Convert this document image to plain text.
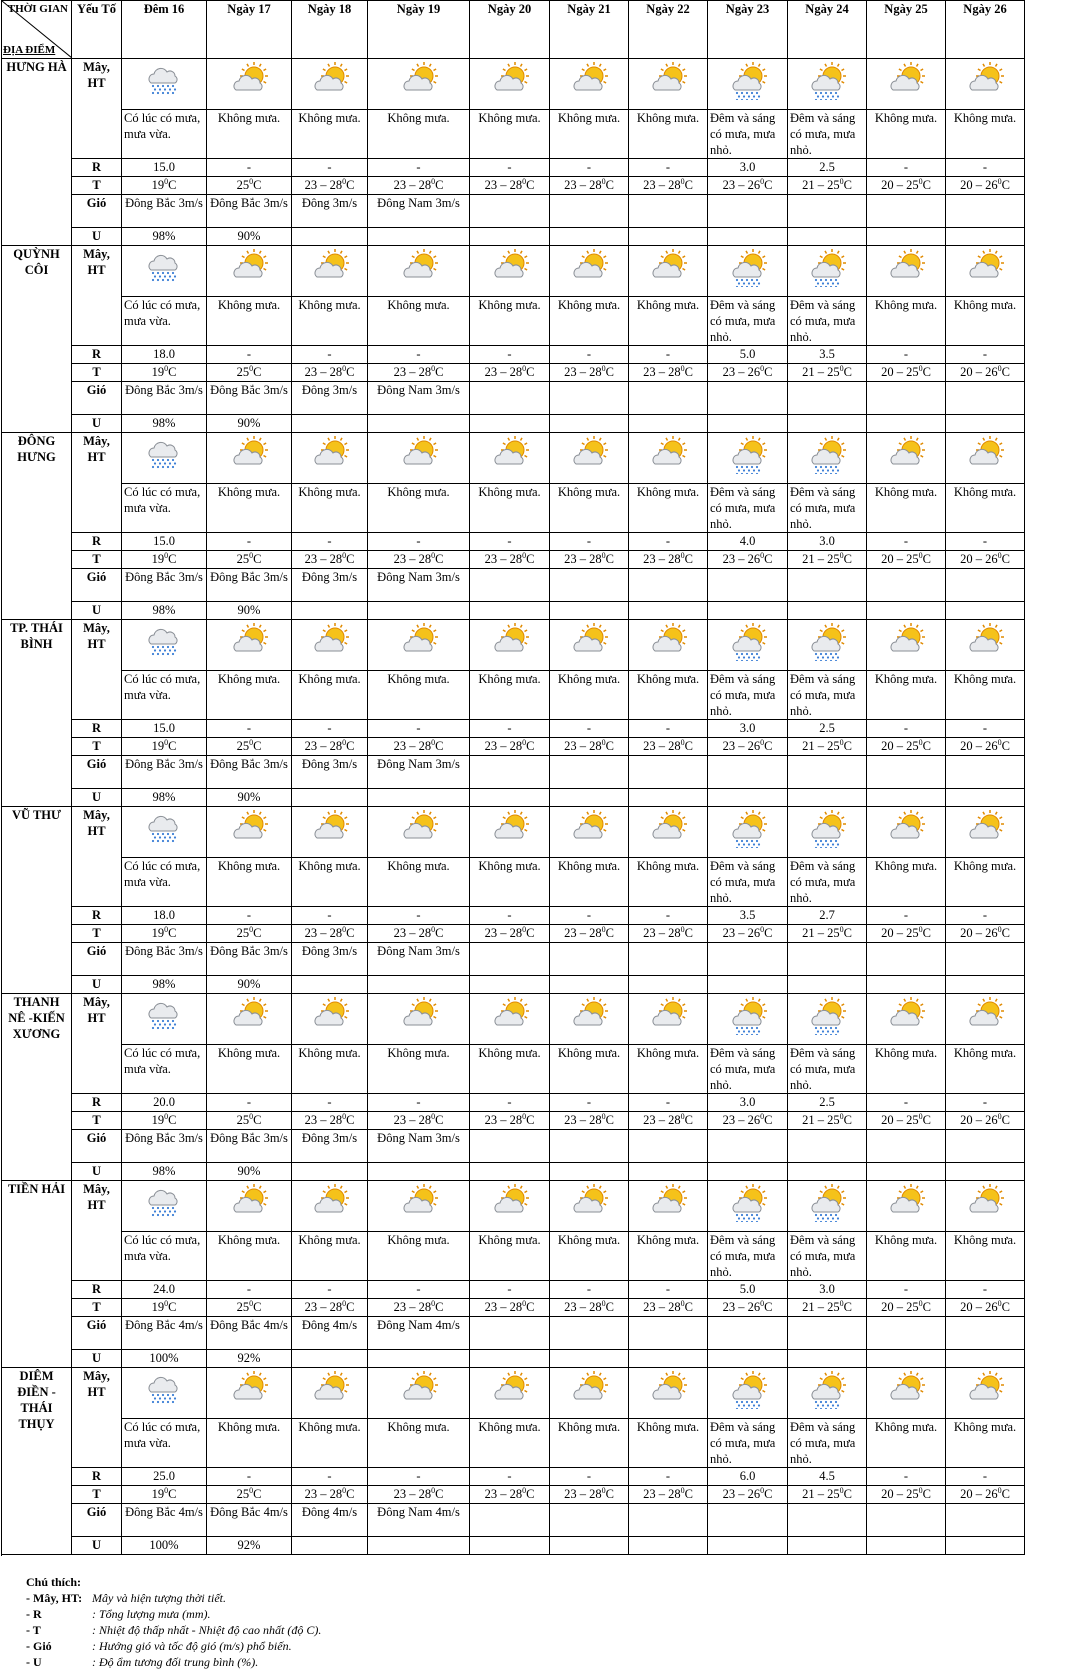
THỜI GIAN
ĐỊA ĐIỂM	Yếu Tố	Đêm 16	Ngày 17	Ngày 18	Ngày 19	Ngày 20	Ngày 21	Ngày 22	Ngày 23	Ngày 24	Ngày 25	Ngày 26
HƯNG HÀ	Mây, HT											
		Có lúc có mưa, mưa vừa.	Không mưa.	Không mưa.	Không mưa.	Không mưa.	Không mưa.	Không mưa.	Đêm và sáng có mưa, mưa nhỏ.	Đêm và sáng có mưa, mưa nhỏ.	Không mưa.	Không mưa.
	R	15.0	-	-	-	-	-	-	3.0	2.5	-	-
	T	$19^0C$	$25^0C$	$23 - 28^0C$	$23 - 28^0C$	$23 - 28^0C$	$23 - 28^0C$	$23 - 28^0C$	$23 - 26^0C$	$21 - 25^0C$	$20 - 25^0C$	$20 - 26^0C$
	Gió	Đông Bắc 3m/s	Đông Bắc 3m/s	Đông 3m/s	Đông Nam 3m/s							
	U	98%	90%									

QUỲNH CÔI	Mây, HT											
		Có lúc có mưa, mưa vừa.	Không mưa.	Không mưa.	Không mưa.	Không mưa.	Không mưa.	Không mưa.	Đêm và sáng có mưa, mưa nhỏ.	Đêm và sáng có mưa, mưa nhỏ.	Không mưa.	Không mưa.
	R	18.0	-	-	-	-	-	-	5.0	3.5	-	-
	T	$19^0C$	$25^0C$	$23 - 28^0C$	$23 - 28^0C$	$23 - 28^0C$	$23 - 28^0C$	$23 - 28^0C$	$23 - 26^0C$	$21 - 25^0C$	$20 - 25^0C$	$20 - 26^0C$
	Gió	Đông Bắc 3m/s	Đông Bắc 3m/s	Đông 3m/s	Đông Nam 3m/s							
	U	98%	90%									

ĐÔNG HƯNG	Mây, HT											
		Có lúc có mưa, mưa vừa.	Không mưa.	Không mưa.	Không mưa.	Không mưa.	Không mưa.	Không mưa.	Đêm và sáng có mưa, mưa nhỏ.	Đêm và sáng có mưa, mưa nhỏ.	Không mưa.	Không mưa.
	R	15.0	-	-	-	-	-	-	4.0	3.0	-	-
	T	$19^0C$	$25^0C$	$23 - 28^0C$	$23 - 28^0C$	$23 - 28^0C$	$23 - 28^0C$	$23 - 28^0C$	$23 - 26^0C$	$21 - 25^0C$	$20 - 25^0C$	$20 - 26^0C$
	Gió	Đông Bắc 3m/s	Đông Bắc 3m/s	Đông 3m/s	Đông Nam 3m/s							
	U	98%	90%									

TP. THÁI BÌNH	Mây, HT											
		Có lúc có mưa, mưa vừa.	Không mưa.	Không mưa.	Không mưa.	Không mưa.	Không mưa.	Không mưa.	Đêm và sáng có mưa, mưa nhỏ.	Đêm và sáng có mưa, mưa nhỏ.	Không mưa.	Không mưa.
	R	15.0	-	-	-	-	-	-	3.0	2.5	-	-
	T	$19^0C$	$25^0C$	$23 - 28^0C$	$23 - 28^0C$	$23 - 28^0C$	$23 - 28^0C$	$23 - 28^0C$	$23 - 26^0C$	$21 - 25^0C$	$20 - 25^0C$	$20 - 26^0C$
	Gió	Đông Bắc 3m/s	Đông Bắc 3m/s	Đông 3m/s	Đông Nam 3m/s							
	U	98%	90%									

VŨ THƯ	Mây, HT											
		Có lúc có mưa, mưa vừa.	Không mưa.	Không mưa.	Không mưa.	Không mưa.	Không mưa.	Không mưa.	Đêm và sáng có mưa, mưa nhỏ.	Đêm và sáng có mưa, mưa nhỏ.	Không mưa.	Không mưa.
	R	18.0	-	-	-	-	-	-	3.5	2.7	-	-
	T	$19^0C$	$25^0C$	$23 - 28^0C$	$23 - 28^0C$	$23 - 28^0C$	$23 - 28^0C$	$23 - 28^0C$	$23 - 26^0C$	$21 - 25^0C$	$20 - 25^0C$	$20 - 26^0C$
	Gió	Đông Bắc 3m/s	Đông Bắc 3m/s	Đông 3m/s	Đông Nam 3m/s							
	U	98%	90%									

THANH NÊ -KIẾN XƯƠNG	Mây, HT											
		Có lúc có mưa, mưa vừa.	Không mưa.	Không mưa.	Không mưa.	Không mưa.	Không mưa.	Không mưa.	Đêm và sáng có mưa, mưa nhỏ.	Đêm và sáng có mưa, mưa nhỏ.	Không mưa.	Không mưa.
	R	20.0	-	-	-	-	-	-	3.0	2.5	-	-
	T	$19^0C$	$25^0C$	$23 - 28^0C$	$23 - 28^0C$	$23 - 28^0C$	$23 - 28^0C$	$23 - 28^0C$	$23 - 26^0C$	$21 - 25^0C$	$20 - 25^0C$	$20 - 26^0C$
	Gió	Đông Bắc 3m/s	Đông Bắc 3m/s	Đông 3m/s	Đông Nam 3m/s							
	U	98%	90%									

TIỀN HẢI	Mây, HT											
		Có lúc có mưa, mưa vừa.	Không mưa.	Không mưa.	Không mưa.	Không mưa.	Không mưa.	Không mưa.	Đêm và sáng có mưa, mưa nhỏ.	Đêm và sáng có mưa, mưa nhỏ.	Không mưa.	Không mưa.
	R	24.0	-	-	-	-	-	-	5.0	3.0	-	-
	T	$19^0C$	$25^0C$	$23 - 28^0C$	$23 - 28^0C$	$23 - 28^0C$	$23 - 28^0C$	$23 - 28^0C$	$23 - 26^0C$	$21 - 25^0C$	$20 - 25^0C$	$20 - 26^0C$
	Gió	Đông Bắc 4m/s	Đông Bắc 4m/s	Đông 4m/s	Đông Nam 4m/s							
	U	100%	92%									

DIÊM ĐIỀN - THÁI THỤY	Mây, HT											
		Có lúc có mưa, mưa vừa.	Không mưa.	Không mưa.	Không mưa.	Không mưa.	Không mưa.	Không mưa.	Đêm và sáng có mưa, mưa nhỏ.	Đêm và sáng có mưa, mưa nhỏ.	Không mưa.	Không mưa.
	R	25.0	-	-	-	-	-	-	6.0	4.5	-	-
	T	$19^0C$	$25^0C$	$23 - 28^0C$	$23 - 28^0C$	$23 - 28^0C$	$23 - 28^0C$	$23 - 28^0C$	$23 - 26^0C$	$21 - 25^0C$	$20 - 25^0C$	$20 - 26^0C$
	Gió	Đông Bắc 4m/s	Đông Bắc 4m/s	Đông 4m/s	Đông Nam 4m/s							
	U	100%	92%									

Chú thích:
- Mây, HT: Mây và hiện tượng thời tiết.
- R	: Tổng lượng mưa (mm).
- T	: Nhiệt độ thấp nhất - Nhiệt độ cao nhất (độ C).
- Gió	: Hướng gió và tốc độ gió (m/s) phổ biến.
- U	: Độ ẩm tương đối trung bình (%).
